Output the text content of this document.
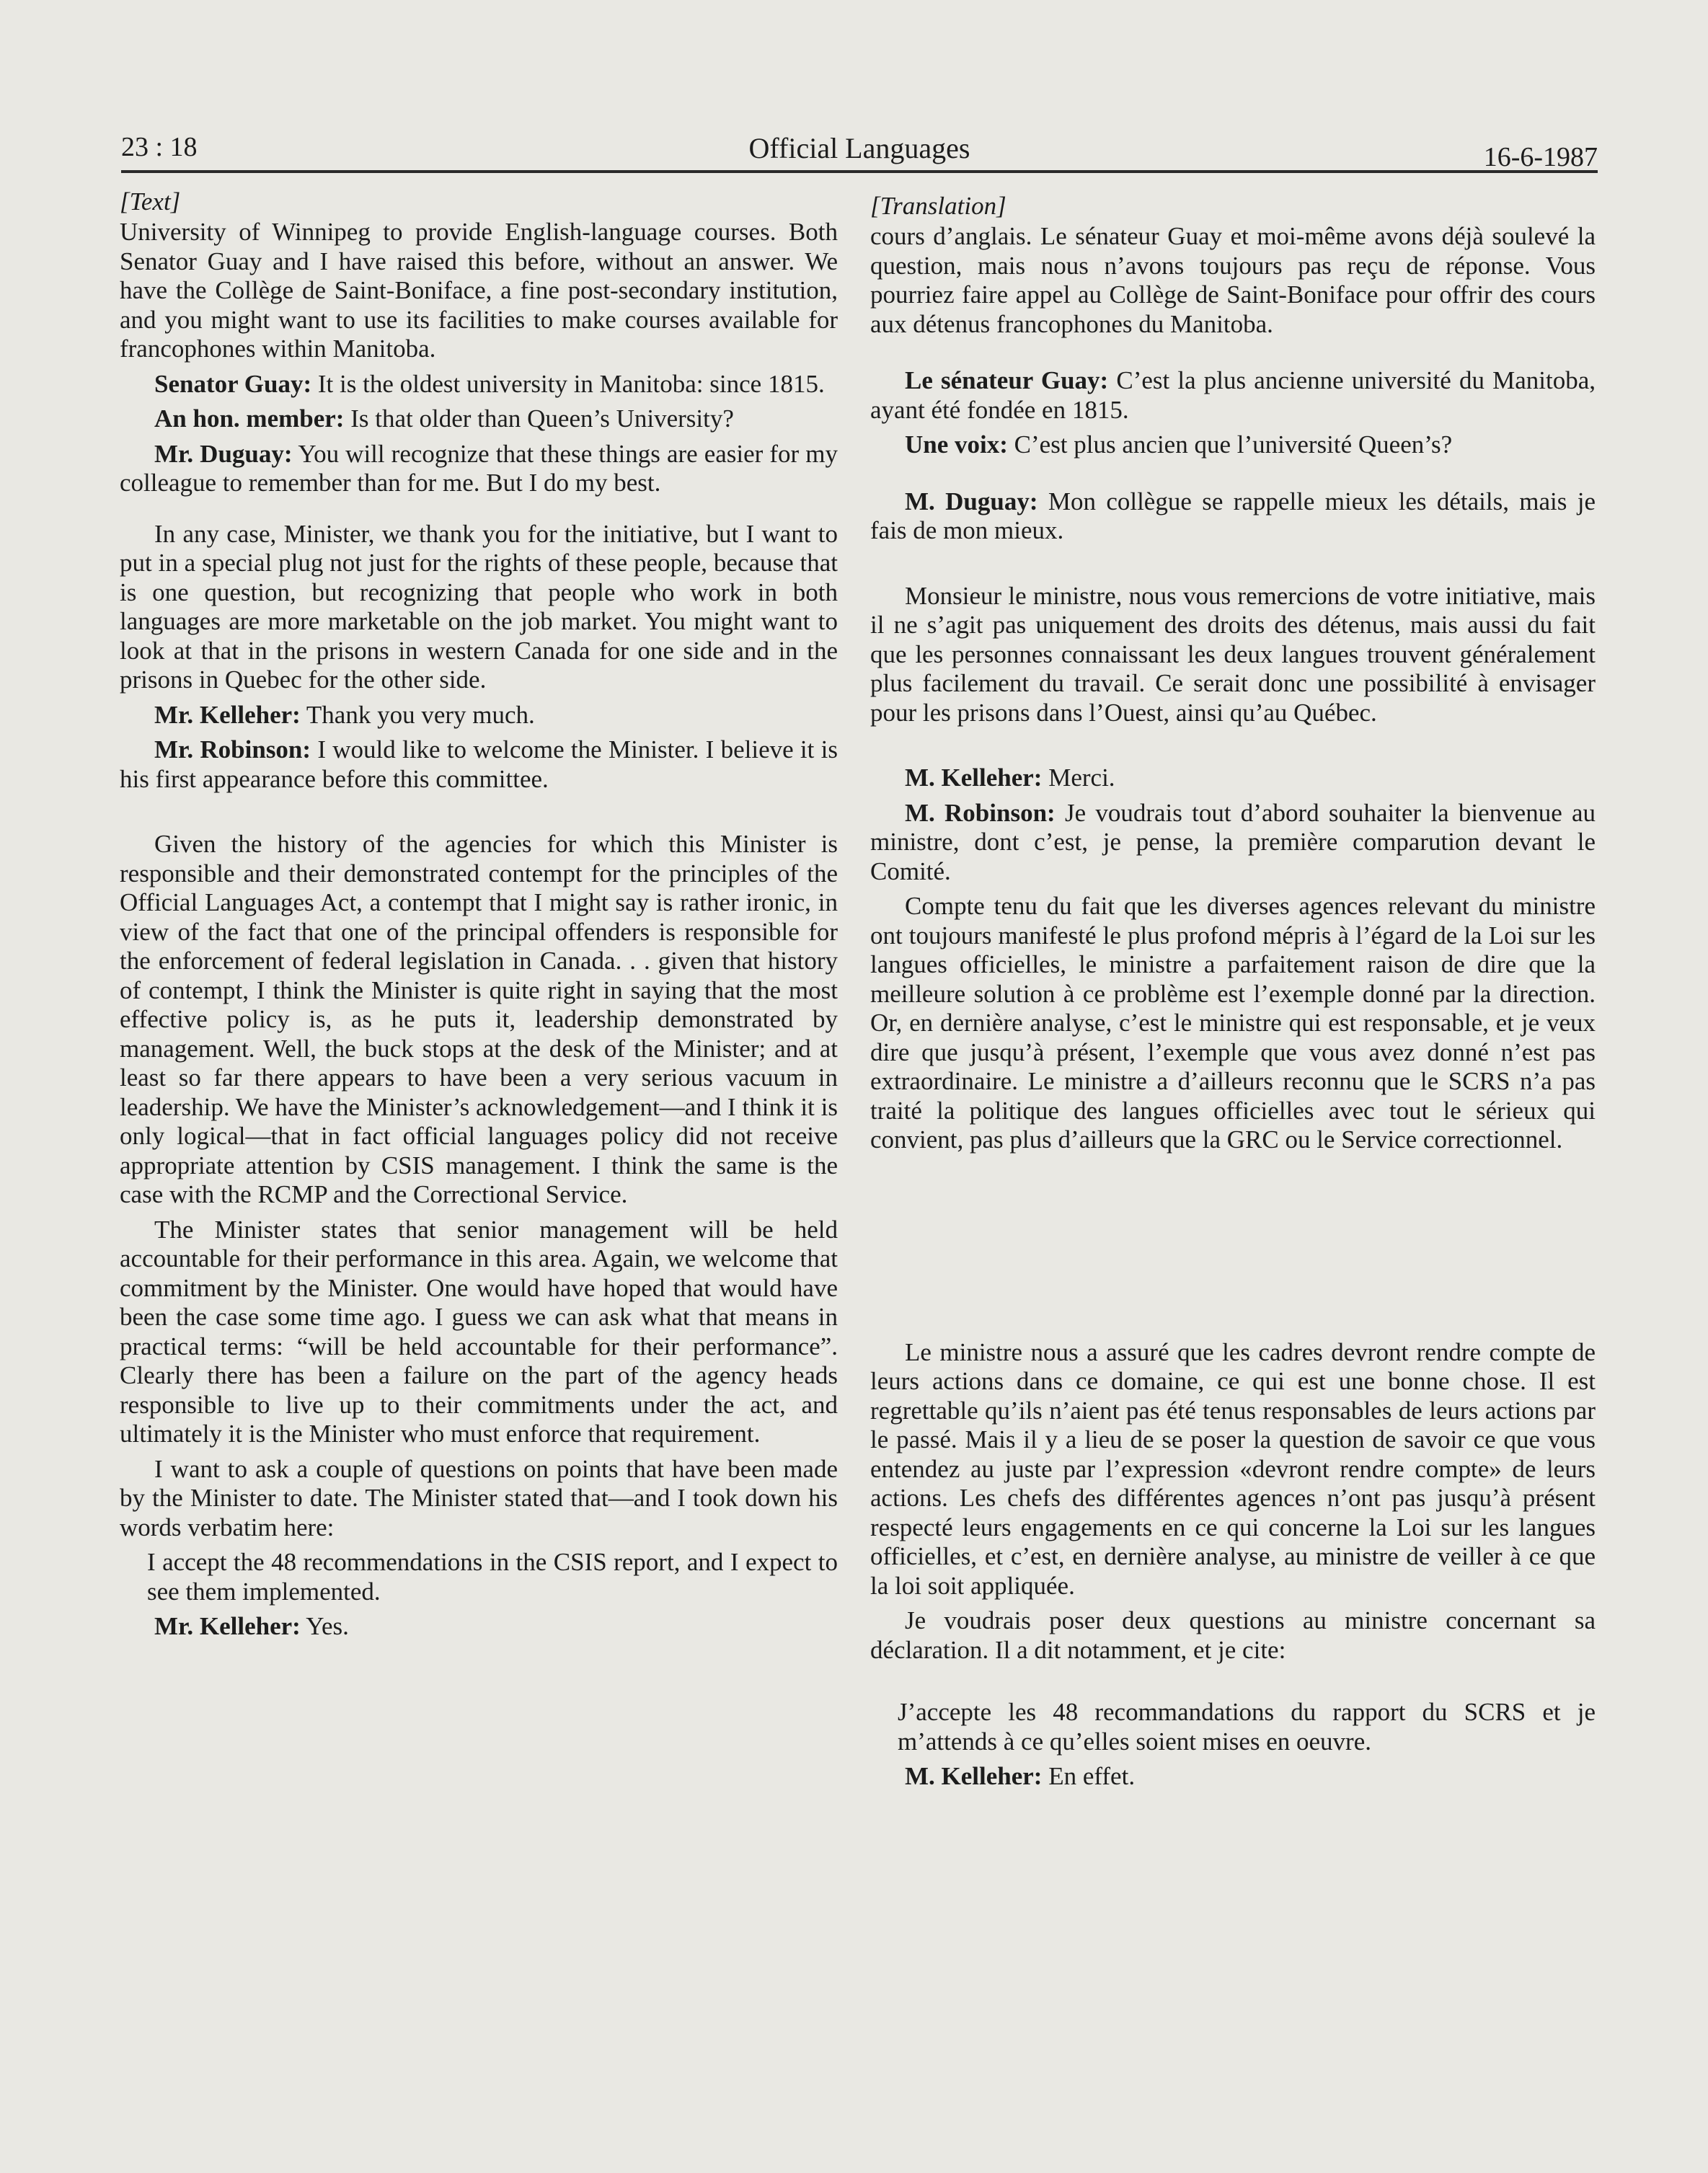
23 : 18	Official Languages	16-6-1987
[Text]

University of Winnipeg to provide English-language courses. Both Senator Guay and I have raised this before, without an answer. We have the Collège de Saint-Boniface, a fine post-secondary institution, and you might want to use its facilities to make courses available for francophones within Manitoba.

Senator Guay: It is the oldest university in Manitoba: since 1815.

An hon. member: Is that older than Queen’s University?

Mr. Duguay: You will recognize that these things are easier for my colleague to remember than for me. But I do my best.

In any case, Minister, we thank you for the initiative, but I want to put in a special plug not just for the rights of these people, because that is one question, but recognizing that people who work in both languages are more marketable on the job market. You might want to look at that in the prisons in western Canada for one side and in the prisons in Quebec for the other side.

Mr. Kelleher: Thank you very much.

Mr. Robinson: I would like to welcome the Minister. I believe it is his first appearance before this committee.

Given the history of the agencies for which this Minister is responsible and their demonstrated contempt for the principles of the Official Languages Act, a contempt that I might say is rather ironic, in view of the fact that one of the principal offenders is responsible for the enforcement of federal legislation in Canada. . . given that history of contempt, I think the Minister is quite right in saying that the most effective policy is, as he puts it, leadership demonstrated by management. Well, the buck stops at the desk of the Minister; and at least so far there appears to have been a very serious vacuum in leadership. We have the Minister’s acknowledgement—and I think it is only logical—that in fact official languages policy did not receive appropriate attention by CSIS management. I think the same is the case with the RCMP and the Correctional Service.

The Minister states that senior management will be held accountable for their performance in this area. Again, we welcome that commitment by the Minister. One would have hoped that would have been the case some time ago. I guess we can ask what that means in practical terms: “will be held accountable for their performance”. Clearly there has been a failure on the part of the agency heads responsible to live up to their commitments under the act, and ultimately it is the Minister who must enforce that requirement.

I want to ask a couple of questions on points that have been made by the Minister to date. The Minister stated that—and I took down his words verbatim here:

I accept the 48 recommendations in the CSIS report, and I expect to see them implemented.

Mr. Kelleher: Yes.

[Translation]

cours d’anglais. Le sénateur Guay et moi-même avons déjà soulevé la question, mais nous n’avons toujours pas reçu de réponse. Vous pourriez faire appel au Collège de Saint-Boniface pour offrir des cours aux détenus francophones du Manitoba.

Le sénateur Guay: C’est la plus ancienne université du Manitoba, ayant été fondée en 1815.

Une voix: C’est plus ancien que l’université Queen’s?

M. Duguay: Mon collègue se rappelle mieux les détails, mais je fais de mon mieux.

Monsieur le ministre, nous vous remercions de votre initiative, mais il ne s’agit pas uniquement des droits des détenus, mais aussi du fait que les personnes connaissant les deux langues trouvent généralement plus facilement du travail. Ce serait donc une possibilité à envisager pour les prisons dans l’Ouest, ainsi qu’au Québec.

M. Kelleher: Merci.

M. Robinson: Je voudrais tout d’abord souhaiter la bienvenue au ministre, dont c’est, je pense, la première comparution devant le Comité.

Compte tenu du fait que les diverses agences relevant du ministre ont toujours manifesté le plus profond mépris à l’égard de la Loi sur les langues officielles, le ministre a parfaitement raison de dire que la meilleure solution à ce problème est l’exemple donné par la direction. Or, en dernière analyse, c’est le ministre qui est responsable, et je veux dire que jusqu’à présent, l’exemple que vous avez donné n’est pas extraordinaire. Le ministre a d’ailleurs reconnu que le SCRS n’a pas traité la politique des langues officielles avec tout le sérieux qui convient, pas plus d’ailleurs que la GRC ou le Service correctionnel.

Le ministre nous a assuré que les cadres devront rendre compte de leurs actions dans ce domaine, ce qui est une bonne chose. Il est regrettable qu’ils n’aient pas été tenus responsables de leurs actions par le passé. Mais il y a lieu de se poser la question de savoir ce que vous entendez au juste par l’expression «devront rendre compte» de leurs actions. Les chefs des différentes agences n’ont pas jusqu’à présent respecté leurs engagements en ce qui concerne la Loi sur les langues officielles, et c’est, en dernière analyse, au ministre de veiller à ce que la loi soit appliquée.

Je voudrais poser deux questions au ministre concernant sa déclaration. Il a dit notamment, et je cite:

J’accepte les 48 recommandations du rapport du SCRS et je m’attends à ce qu’elles soient mises en oeuvre.

M. Kelleher: En effet.
